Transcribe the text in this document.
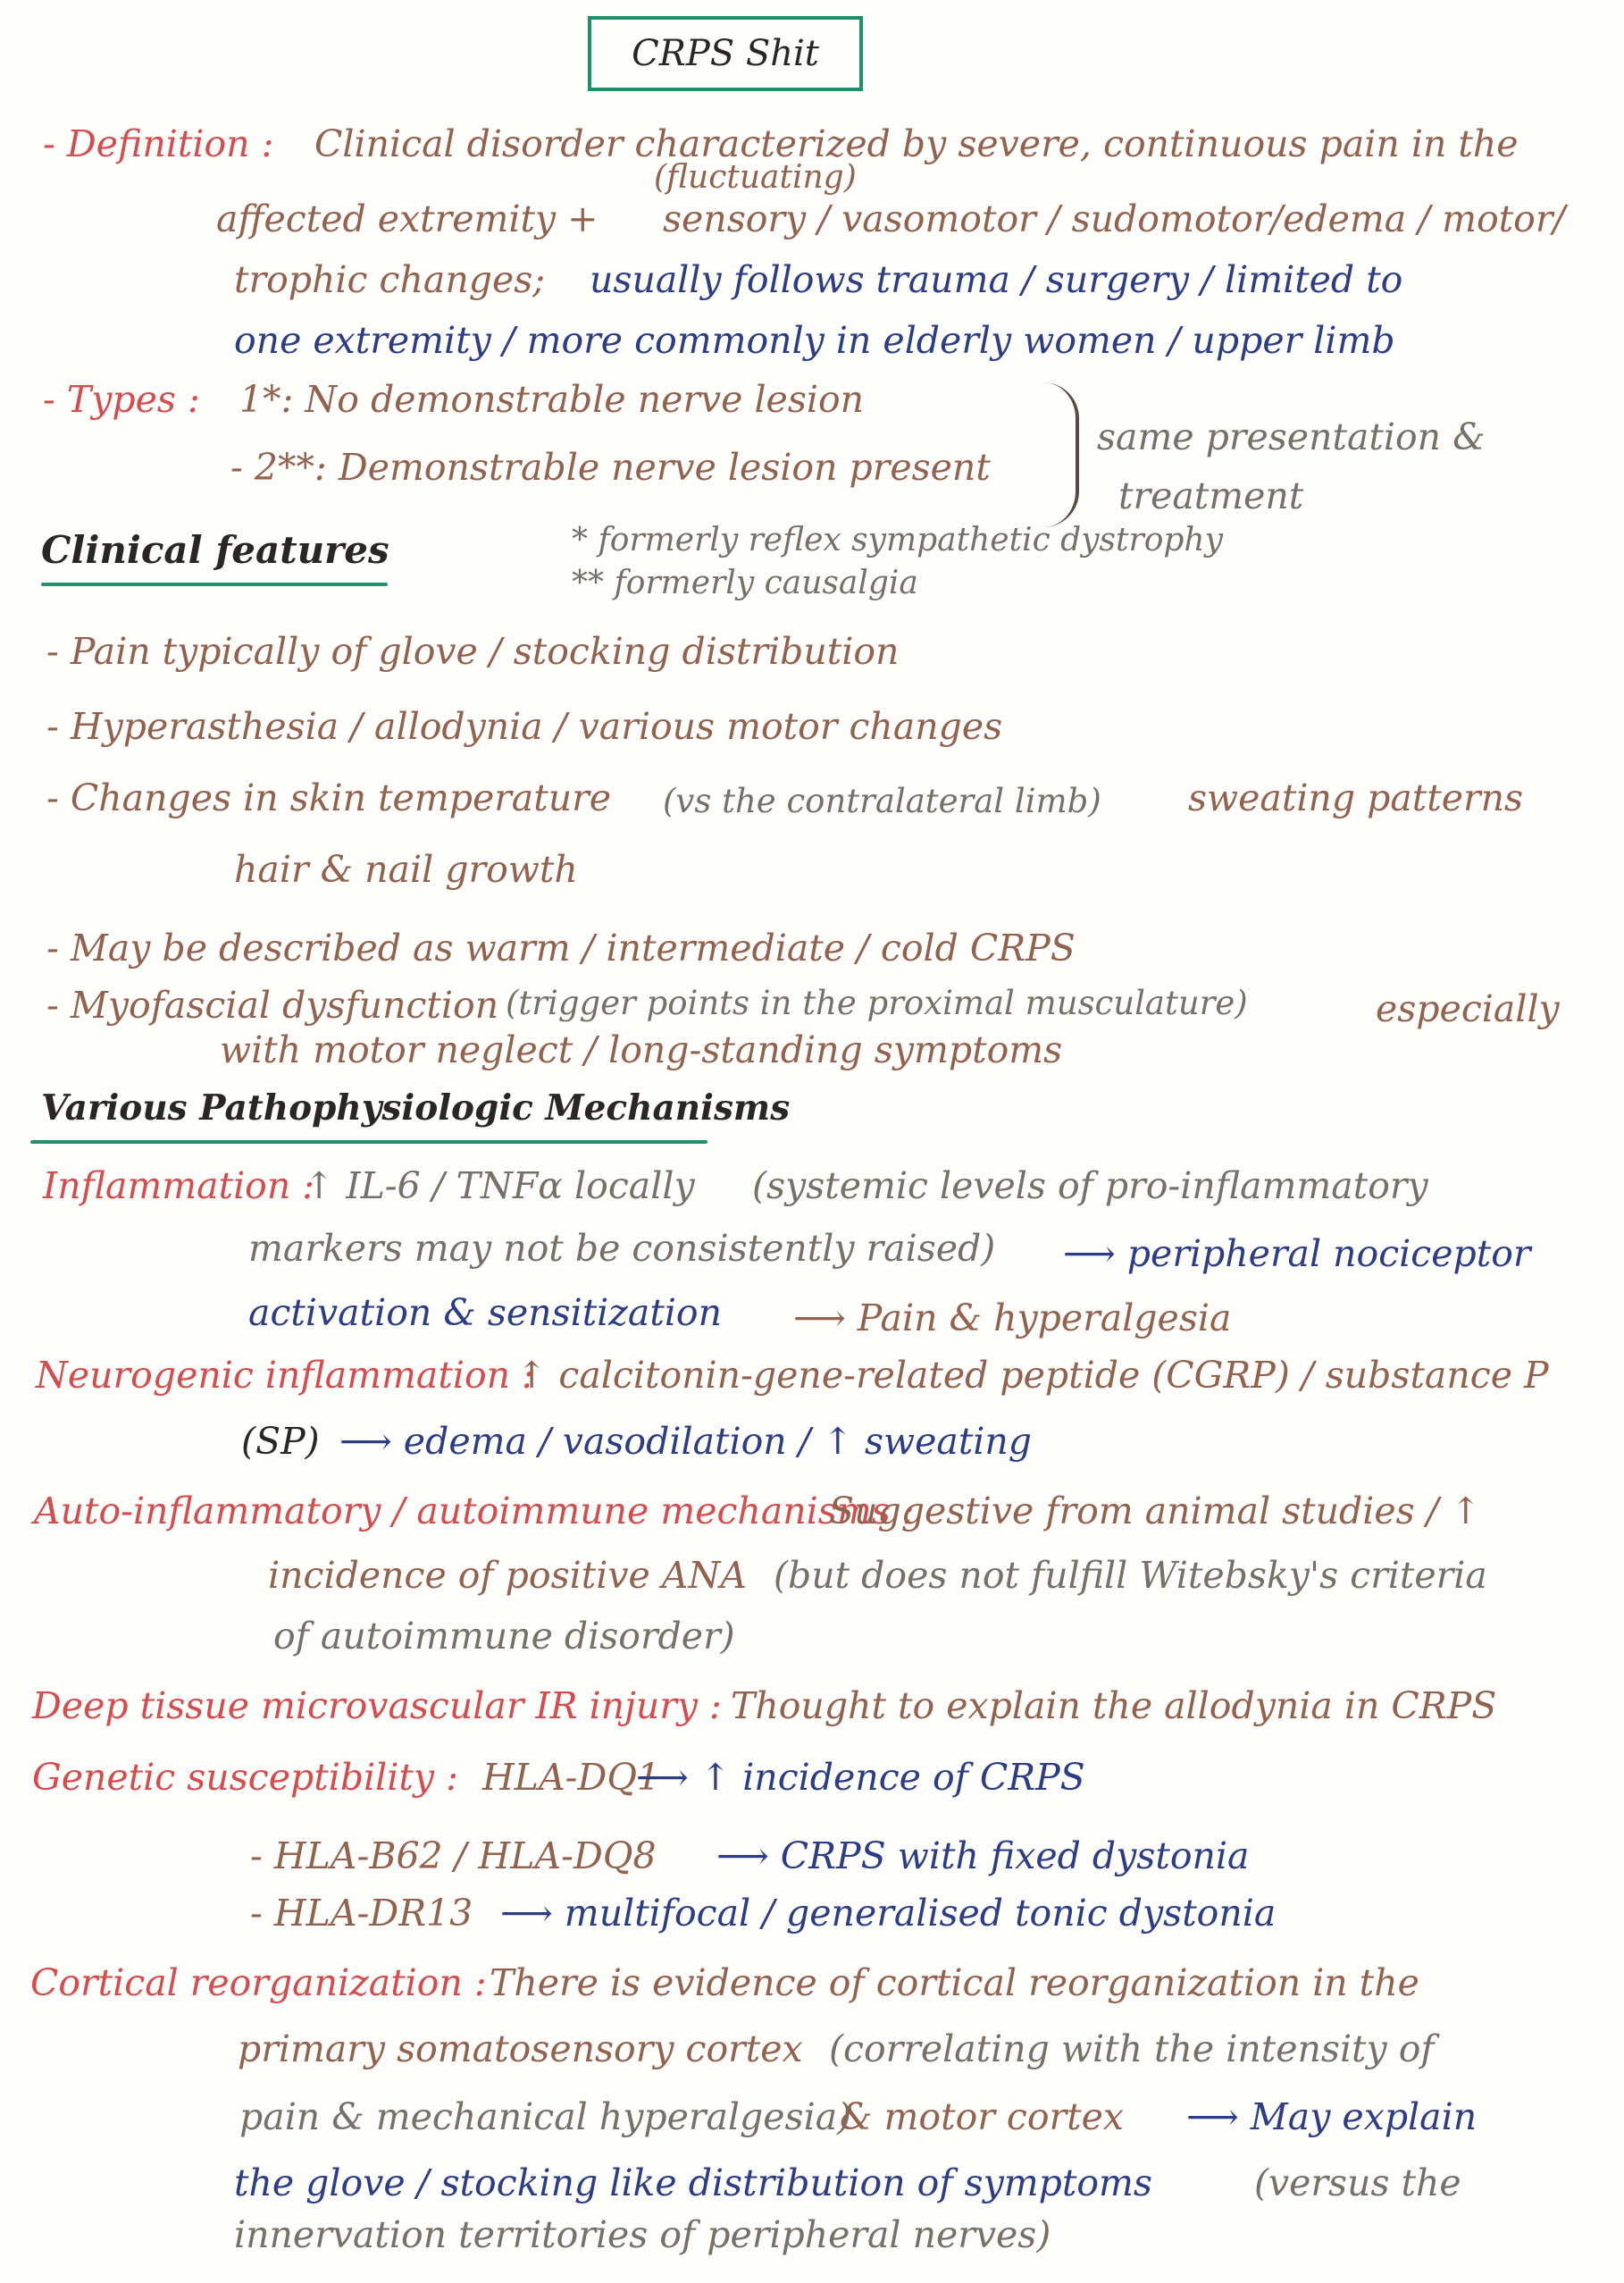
CRPS Shit
- Definition : Clinical disorder characterized by severe, continuous pain in the
(fluctuating)
affected extremity + sensory / vasomotor / sudomotor/edema / motor/
trophic changes; usually follows trauma / surgery / limited to
one extremity / more commonly in elderly women / upper limb
- Types : 1*: No demonstrable nerve lesion
- 2**: Demonstrable nerve lesion present
same presentation &
treatment
* formerly reflex sympathetic dystrophy
** formerly causalgia
Clinical features
- Pain typically of glove / stocking distribution
- Hyperasthesia / allodynia / various motor changes
- Changes in skin temperature (vs the contralateral limb) sweating patterns
hair & nail growth
- May be described as warm / intermediate / cold CRPS
- Myofascial dysfunction (trigger points in the proximal musculature)	especially
with motor neglect / long-standing symptoms
Various Pathophysiologic Mechanisms
Inflammation :
↑ IL-6 / TNFα locally (systemic levels of pro-inflammatory
markers may not be consistently raised) ⟶ peripheral nociceptor
activation & sensitization ⟶ Pain & hyperalgesia
Neurogenic inflammation :
↑ calcitonin-gene-related peptide (CGRP) / substance P
(SP) ⟶ edema / vasodilation / ↑ sweating
Auto-inflammatory / autoimmune mechanisms :
Suggestive from animal studies / ↑
incidence of positive ANA (but does not fulfill Witebsky's criteria
of autoimmune disorder)
Deep tissue microvascular IR injury : Thought to explain the allodynia in CRPS
Genetic susceptibility : HLA-DQ1
⟶ ↑ incidence of CRPS
- HLA-B62 / HLA-DQ8 ⟶ CRPS with fixed dystonia
- HLA-DR13 ⟶ multifocal / generalised tonic dystonia
Cortical reorganization : There is evidence of cortical reorganization in the
primary somatosensory cortex (correlating with the intensity of
pain & mechanical hyperalgesia)
& motor cortex ⟶ May explain
the glove / stocking like distribution of symptoms	(versus the
innervation territories of peripheral nerves)
